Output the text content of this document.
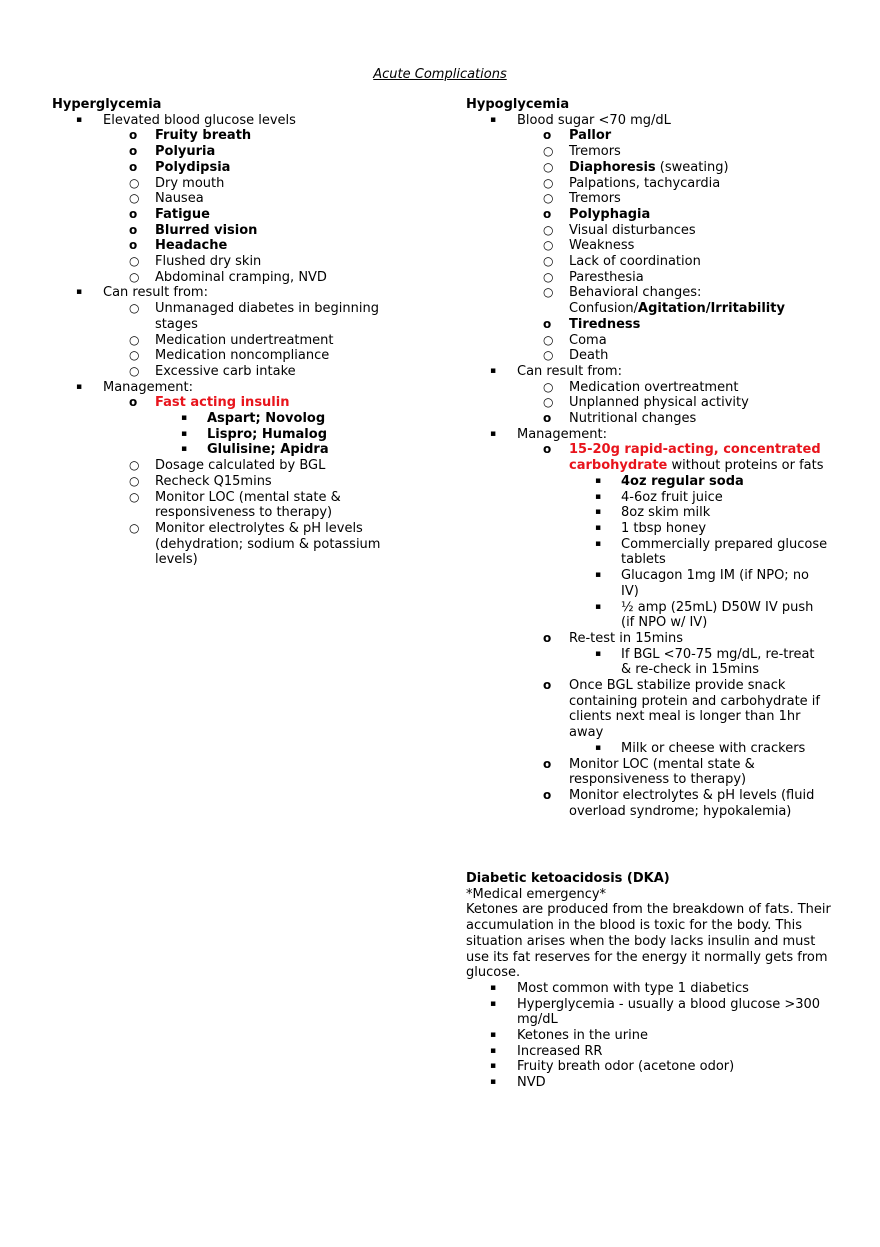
Acute Complications
Hyperglycemia
▪ Elevated blood glucose levels
o Fruity breath
o Polyuria
o Polydipsia
○ Dry mouth
○ Nausea
o Fatigue
o Blurred vision
o Headache
○ Flushed dry skin
○ Abdominal cramping, NVD
▪ Can result from:
○ Unmanaged diabetes in beginning stages
○ Medication undertreatment
○ Medication noncompliance
○ Excessive carb intake
▪ Management:
o Fast acting insulin
▪ Aspart; Novolog
▪ Lispro; Humalog
▪ Glulisine; Apidra
○ Dosage calculated by BGL
○ Recheck Q15mins
○ Monitor LOC (mental state & responsiveness to therapy)
○ Monitor electrolytes & pH levels (dehydration; sodium & potassium levels)
Hypoglycemia
▪ Blood sugar <70 mg/dL
o Pallor
○ Tremors
○ Diaphoresis (sweating)
○ Palpations, tachycardia
○ Tremors
o Polyphagia
○ Visual disturbances
○ Weakness
○ Lack of coordination
○ Paresthesia
○ Behavioral changes: Confusion/Agitation/Irritability
o Tiredness
○ Coma
○ Death
▪ Can result from:
○ Medication overtreatment
○ Unplanned physical activity
o Nutritional changes
▪ Management:
o 15-20g rapid-acting, concentrated carbohydrate without proteins or fats
▪ 4oz regular soda
▪ 4-6oz fruit juice
▪ 8oz skim milk
▪ 1 tbsp honey
▪ Commercially prepared glucose tablets
▪ Glucagon 1mg IM (if NPO; no IV)
▪ ½ amp (25mL) D50W IV push (if NPO w/ IV)
o Re-test in 15mins
▪ If BGL <70-75 mg/dL, re-treat & re-check in 15mins
o Once BGL stabilize provide snack containing protein and carbohydrate if clients next meal is longer than 1hr away
▪ Milk or cheese with crackers
o Monitor LOC (mental state & responsiveness to therapy)
o Monitor electrolytes & pH levels (fluid overload syndrome; hypokalemia)
Diabetic ketoacidosis (DKA)
*Medical emergency*
Ketones are produced from the breakdown of fats. Their accumulation in the blood is toxic for the body. This situation arises when the body lacks insulin and must use its fat reserves for the energy it normally gets from glucose.
▪ Most common with type 1 diabetics
▪ Hyperglycemia - usually a blood glucose >300 mg/dL
▪ Ketones in the urine
▪ Increased RR
▪ Fruity breath odor (acetone odor)
▪ NVD
